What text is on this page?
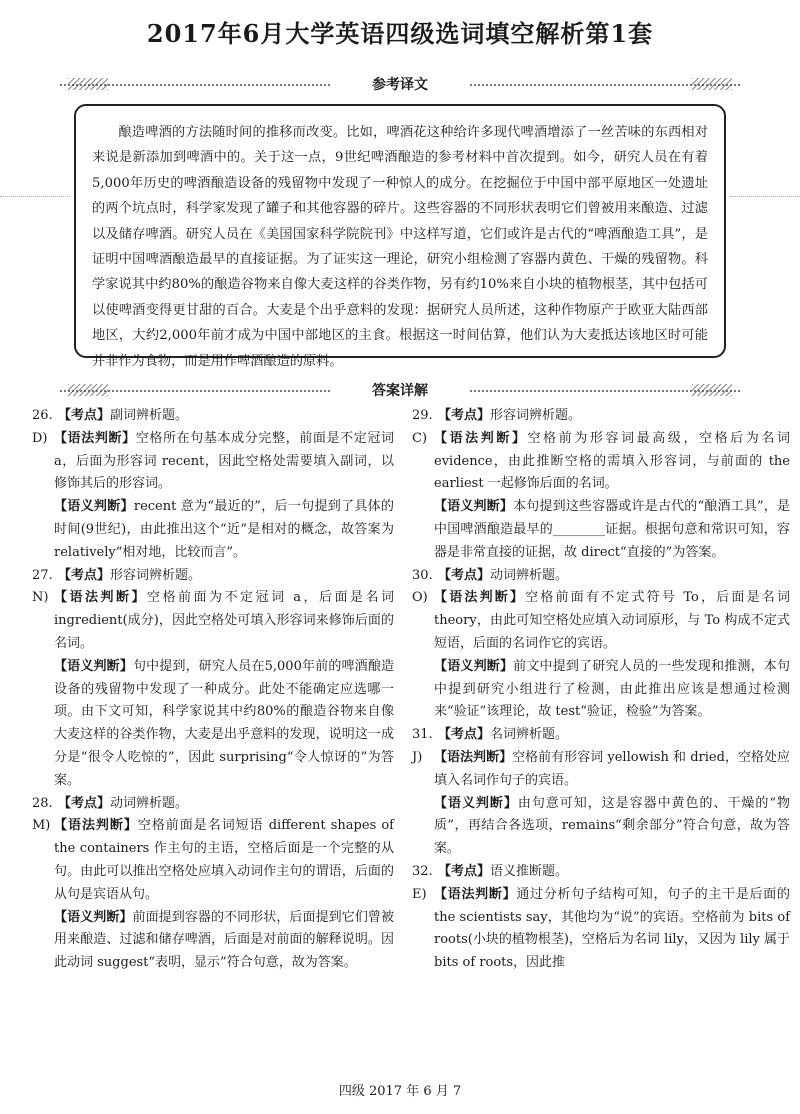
2017年6月大学英语四级选词填空解析第1套
参考译文

酿造啤酒的方法随时间的推移而改变。比如，啤酒花这种给许多现代啤酒增添了一丝苦味的东西相对来说是新添加到啤酒中的。关于这一点，9世纪啤酒酿造的参考材料中首次提到。如今，研究人员在有着5,000年历史的啤酒酿造设备的残留物中发现了一种惊人的成分。在挖掘位于中国中部平原地区一处遗址的两个坑点时，科学家发现了罐子和其他容器的碎片。这些容器的不同形状表明它们曾被用来酿造、过滤以及储存啤酒。研究人员在《美国国家科学院院刊》中这样写道，它们或许是古代的“啤酒酿造工具”，是证明中国啤酒酿造最早的直接证据。为了证实这一理论，研究小组检测了容器内黄色、干燥的残留物。科学家说其中约80%的酿造谷物来自像大麦这样的谷类作物，另有约10%来自小块的植物根茎，其中包括可以使啤酒变得更甘甜的百合。大麦是个出乎意料的发现：据研究人员所述，这种作物原产于欧亚大陆西部地区，大约2,000年前才成为中国中部地区的主食。根据这一时间估算，他们认为大麦抵达该地区时可能并非作为食物，而是用作啤酒酿造的原料。

答案详解
26. 【考点】副词辨析题。
D) 【语法判断】空格所在句基本成分完整，前面是不定冠词a，后面为形容词 recent，因此空格处需要填入副词，以修饰其后的形容词。
【语义判断】recent 意为“最近的”，后一句提到了具体的时间(9世纪)，由此推出这个“近”是相对的概念，故答案为 relatively“相对地，比较而言”。
27. 【考点】形容词辨析题。
N) 【语法判断】空格前面为不定冠词 a，后面是名词 ingredient(成分)，因此空格处可填入形容词来修饰后面的名词。
【语义判断】句中提到，研究人员在5,000年前的啤酒酿造设备的残留物中发现了一种成分。此处不能确定应选哪一项。由下文可知，科学家说其中约80%的酿造谷物来自像大麦这样的谷类作物，大麦是出乎意料的发现，说明这一成分是“很令人吃惊的”，因此 surprising“令人惊讶的”为答案。
28. 【考点】动词辨析题。
M) 【语法判断】空格前面是名词短语 different shapes of the containers 作主句的主语，空格后面是一个完整的从句。由此可以推出空格处应填入动词作主句的谓语，后面的从句是宾语从句。
【语义判断】前面提到容器的不同形状，后面提到它们曾被用来酿造、过滤和储存啤酒，后面是对前面的解释说明。因此动词 suggest“表明，显示”符合句意，故为答案。
29. 【考点】形容词辨析题。
C) 【语法判断】空格前为形容词最高级，空格后为名词 evidence，由此推断空格的需填入形容词，与前面的 the earliest 一起修饰后面的名词。
【语义判断】本句提到这些容器或许是古代的“酿酒工具”，是中国啤酒酿造最早的________证据。根据句意和常识可知，容器是非常直接的证据，故 direct“直接的”为答案。
30. 【考点】动词辨析题。
O) 【语法判断】空格前面有不定式符号 To，后面是名词 theory，由此可知空格处应填入动词原形，与 To 构成不定式短语，后面的名词作它的宾语。
【语义判断】前文中提到了研究人员的一些发现和推测，本句中提到研究小组进行了检测，由此推出应该是想通过检测来“验证”该理论，故 test“验证，检验”为答案。
31. 【考点】名词辨析题。
J) 【语法判断】空格前有形容词 yellowish 和 dried，空格处应填入名词作句子的宾语。
【语义判断】由句意可知，这是容器中黄色的、干燥的“物质”，再结合各选项，remains“剩余部分”符合句意，故为答案。
32. 【考点】语义推断题。
E) 【语法判断】通过分析句子结构可知，句子的主干是后面的 the scientists say，其他均为“说”的宾语。空格前为 bits of roots(小块的植物根茎)，空格后为名词 lily，又因为 lily 属于 bits of roots，因此推
四级 2017 年 6 月 7
